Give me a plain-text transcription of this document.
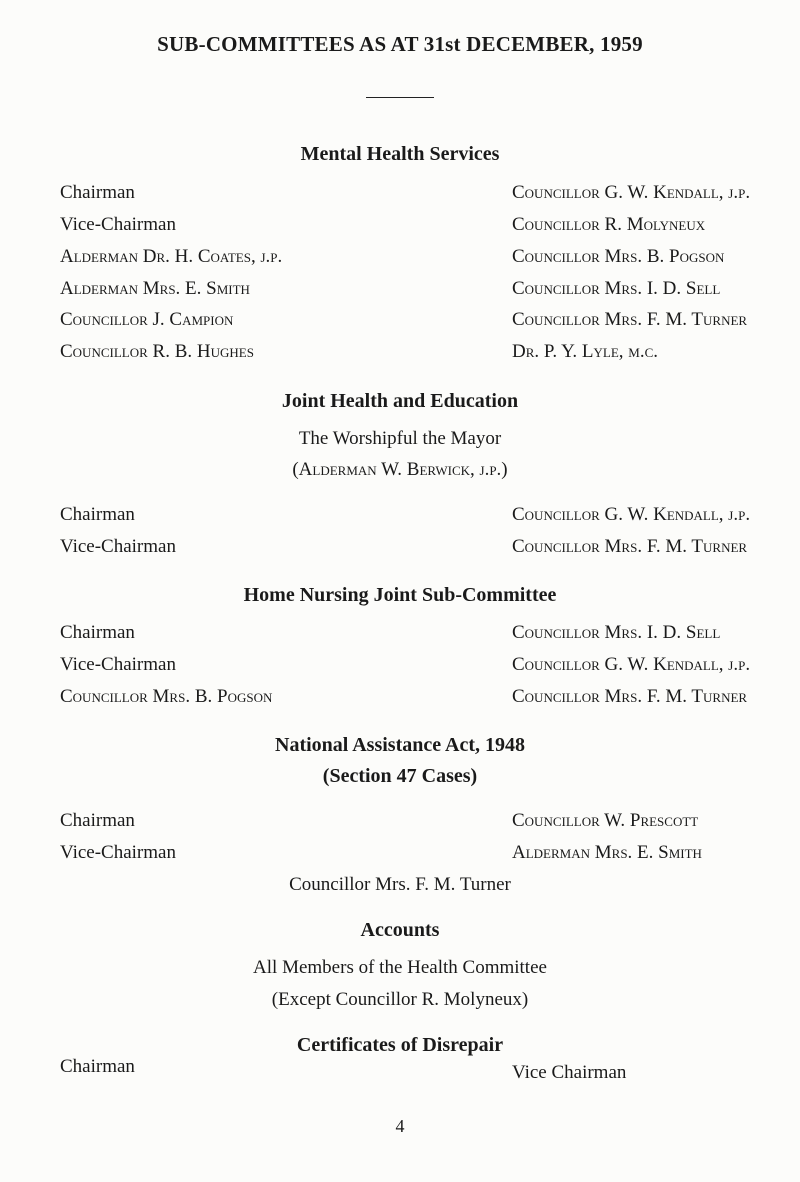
SUB-COMMITTEES AS AT 31st DECEMBER, 1959
Mental Health Services
Chairman
Vice-Chairman
Alderman Dr. H. Coates, j.p.
Alderman Mrs. E. Smith
Councillor J. Campion
Councillor R. B. Hughes
Councillor G. W. Kendall, j.p.
Councillor R. Molyneux
Councillor Mrs. B. Pogson
Councillor Mrs. I. D. Sell
Councillor Mrs. F. M. Turner
Dr. P. Y. Lyle, m.c.
Joint Health and Education
The Worshipful the Mayor
(Alderman W. Berwick, j.p.)
Chairman
Vice-Chairman
Councillor G. W. Kendall, j.p.
Councillor Mrs. F. M. Turner
Home Nursing Joint Sub-Committee
Chairman
Vice-Chairman
Councillor Mrs. B. Pogson
Councillor Mrs. I. D. Sell
Councillor G. W. Kendall, j.p.
Councillor Mrs. F. M. Turner
National Assistance Act, 1948
(Section 47 Cases)
Chairman
Vice-Chairman
Councillor W. Prescott
Alderman Mrs. E. Smith
Councillor Mrs. F. M. Turner
Accounts
All Members of the Health Committee
(Except Councillor R. Molyneux)
Certificates of Disrepair
Chairman	Vice Chairman
4
